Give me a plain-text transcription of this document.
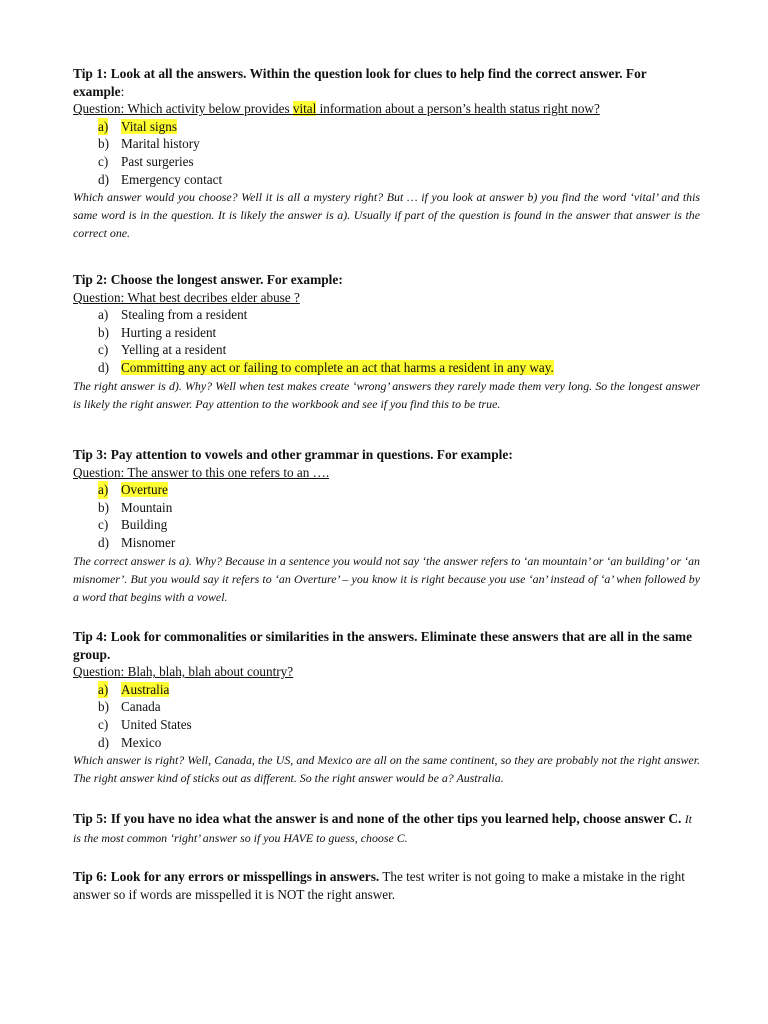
Tip 1: Look at all the answers. Within the question look for clues to help find the correct answer. For example:
Question: Which activity below provides vital information about a person’s health status right now?
a) Vital signs
b) Marital history
c) Past surgeries
d) Emergency contact
Which answer would you choose? Well it is all a mystery right? But … if you look at answer b) you find the word ‘vital’ and this same word is in the question. It is likely the answer is a). Usually if part of the question is found in the answer that answer is the correct one.
Tip 2: Choose the longest answer. For example:
Question: What best decribes elder abuse ?
a) Stealing from a resident
b) Hurting a resident
c) Yelling at a resident
d) Committing any act or failing to complete an act that harms a resident in any way.
The right answer is d). Why? Well when test makes create ‘wrong’ answers they rarely made them very long. So the longest answer is likely the right answer. Pay attention to the workbook and see if you find this to be true.
Tip 3: Pay attention to vowels and other grammar in questions. For example:
Question: The answer to this one refers to an ….
a) Overture
b) Mountain
c) Building
d) Misnomer
The correct answer is a). Why? Because in a sentence you would not say ‘the answer refers to ‘an mountain’ or ‘an building’ or ‘an misnomer’. But you would say it refers to ‘an Overture’ – you know it is right because you use ‘an’ instead of ‘a’ when followed by a word that begins with a vowel.
Tip 4: Look for commonalities or similarities in the answers. Eliminate these answers that are all in the same group.
Question: Blah, blah, blah about country?
a) Australia
b) Canada
c) United States
d) Mexico
Which answer is right? Well, Canada, the US, and Mexico are all on the same continent, so they are probably not the right answer. The right answer kind of sticks out as different. So the right answer would be a? Australia.
Tip 5: If you have no idea what the answer is and none of the other tips you learned help, choose answer C. It is the most common ‘right’ answer so if you HAVE to guess, choose C.
Tip 6: Look for any errors or misspellings in answers. The test writer is not going to make a mistake in the right answer so if words are misspelled it is NOT the right answer.
